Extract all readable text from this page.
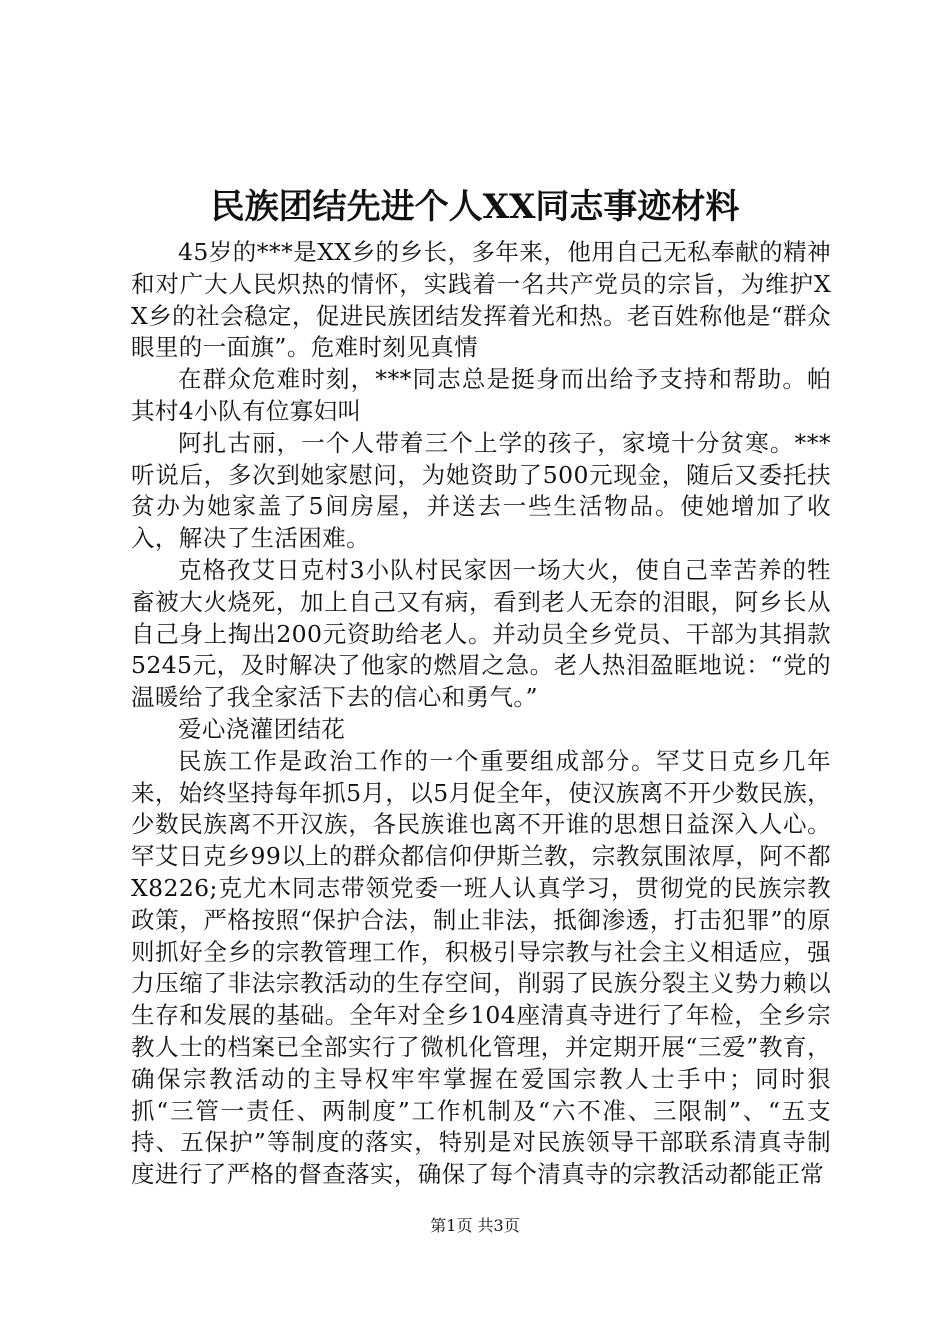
民族团结先进个人XX同志事迹材料

45岁的***是XX乡的乡长，多年来，他用自己无私奉献的精神和对广大人民炽热的情怀，实践着一名共产党员的宗旨，为维护XX乡的社会稳定，促进民族团结发挥着光和热。老百姓称他是“群众眼里的一面旗”。危难时刻见真情

在群众危难时刻，***同志总是挺身而出给予支持和帮助。帕其村4小队有位寡妇叫

阿扎古丽，一个人带着三个上学的孩子，家境十分贫寒。***听说后，多次到她家慰问，为她资助了500元现金，随后又委托扶贫办为她家盖了5间房屋，并送去一些生活物品。使她增加了收入，解决了生活困难。

克格孜艾日克村3小队村民家因一场大火，使自己幸苦养的牲畜被大火烧死，加上自己又有病，看到老人无奈的泪眼，阿乡长从自己身上掏出200元资助给老人。并动员全乡党员、干部为其捐款5245元，及时解决了他家的燃眉之急。老人热泪盈眶地说：“党的温暖给了我全家活下去的信心和勇气。”

爱心浇灌团结花

民族工作是政治工作的一个重要组成部分。罕艾日克乡几年来，始终坚持每年抓5月，以5月促全年，使汉族离不开少数民族，少数民族离不开汉族，各民族谁也离不开谁的思想日益深入人心。罕艾日克乡99以上的群众都信仰伊斯兰教，宗教氛围浓厚，阿不都X8226;克尤木同志带领党委一班人认真学习，贯彻党的民族宗教政策，严格按照“保护合法，制止非法，抵御渗透，打击犯罪”的原则抓好全乡的宗教管理工作，积极引导宗教与社会主义相适应，强力压缩了非法宗教活动的生存空间，削弱了民族分裂主义势力赖以生存和发展的基础。全年对全乡104座清真寺进行了年检，全乡宗教人士的档案已全部实行了微机化管理，并定期开展“三爱”教育，确保宗教活动的主导权牢牢掌握在爱国宗教人士手中；同时狠抓“三管一责任、两制度”工作机制及“六不准、三限制”、“五支持、五保护”等制度的落实，特别是对民族领导干部联系清真寺制度进行了严格的督查落实，确保了每个清真寺的宗教活动都能正常

第1页 共3页
